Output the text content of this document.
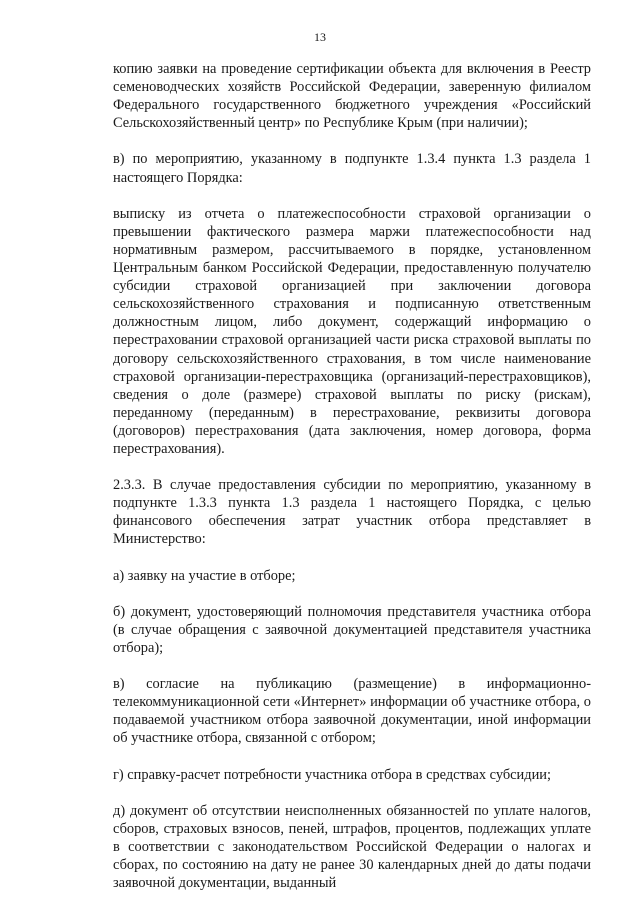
13

копию заявки на проведение сертификации объекта для включения в Реестр семеноводческих хозяйств Российской Федерации, заверенную филиалом Федерального государственного бюджетного учреждения «Российский Сельскохозяйственный центр» по Республике Крым (при наличии);

в) по мероприятию, указанному в подпункте 1.3.4 пункта 1.3 раздела 1 настоящего Порядка:

выписку из отчета о платежеспособности страховой организации о превышении фактического размера маржи платежеспособности над нормативным размером, рассчитываемого в порядке, установленном Центральным банком Российской Федерации, предоставленную получателю субсидии страховой организацией при заключении договора сельскохозяйственного страхования и подписанную ответственным должностным лицом, либо документ, содержащий информацию о перестраховании страховой организацией части риска страховой выплаты по договору сельскохозяйственного страхования, в том числе наименование страховой организации-перестраховщика (организаций-перестраховщиков), сведения о доле (размере) страховой выплаты по риску (рискам), переданному (переданным) в перестрахование, реквизиты договора (договоров) перестрахования (дата заключения, номер договора, форма перестрахования).

2.3.3. В случае предоставления субсидии по мероприятию, указанному в подпункте 1.3.3 пункта 1.3 раздела 1 настоящего Порядка, с целью финансового обеспечения затрат участник отбора представляет в Министерство:

а) заявку на участие в отборе;

б) документ, удостоверяющий полномочия представителя участника отбора (в случае обращения с заявочной документацией представителя участника отбора);

в) согласие на публикацию (размещение) в информационно-телекоммуникационной сети «Интернет» информации об участнике отбора, о подаваемой участником отбора заявочной документации, иной информации об участнике отбора, связанной с отбором;

г) справку-расчет потребности участника отбора в средствах субсидии;

д) документ об отсутствии неисполненных обязанностей по уплате налогов, сборов, страховых взносов, пеней, штрафов, процентов, подлежащих уплате в соответствии с законодательством Российской Федерации о налогах и сборах, по состоянию на дату не ранее 30 календарных дней до даты подачи заявочной документации, выданный
